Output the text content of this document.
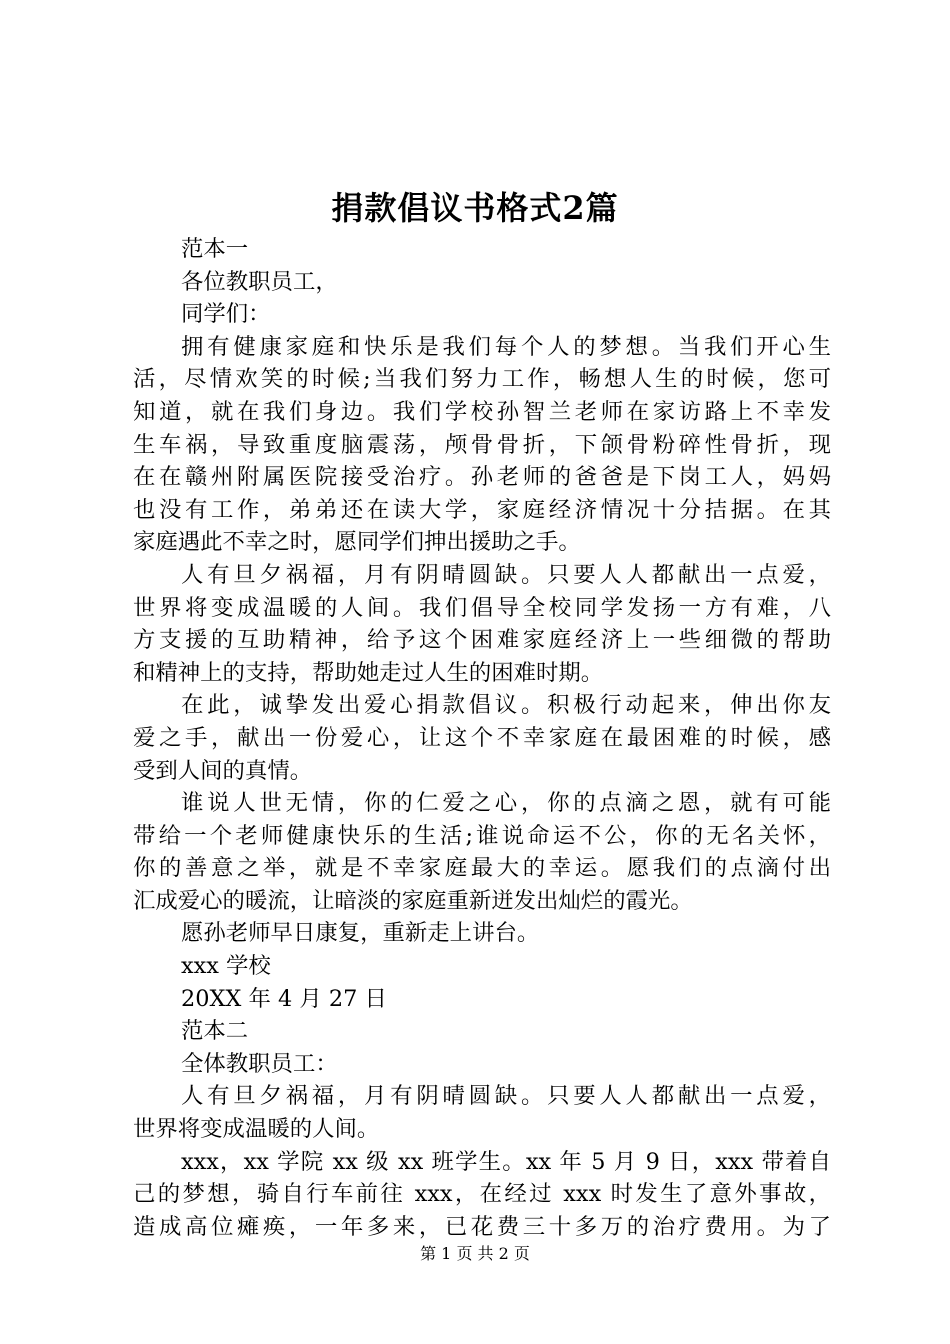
捐款倡议书格式2篇
范本一
各位教职员工，
同学们：
拥有健康家庭和快乐是我们每个人的梦想。当我们开心生
活，尽情欢笑的时候;当我们努力工作，畅想人生的时候，您可
知道，就在我们身边。我们学校孙智兰老师在家访路上不幸发
生车祸，导致重度脑震荡，颅骨骨折，下颌骨粉碎性骨折，现
在在赣州附属医院接受治疗。孙老师的爸爸是下岗工人，妈妈
也没有工作，弟弟还在读大学，家庭经济情况十分拮据。在其
家庭遇此不幸之时，愿同学们抻出援助之手。
人有旦夕祸福，月有阴晴圆缺。只要人人都献出一点爱，
世界将变成温暖的人间。我们倡导全校同学发扬一方有难，八
方支援的互助精神，给予这个困难家庭经济上一些细微的帮助
和精神上的支持，帮助她走过人生的困难时期。
在此，诚挚发出爱心捐款倡议。积极行动起来，伸出你友
爱之手，献出一份爱心，让这个不幸家庭在最困难的时候，感
受到人间的真情。
谁说人世无情，你的仁爱之心，你的点滴之恩，就有可能
带给一个老师健康快乐的生活;谁说命运不公，你的无名关怀，
你的善意之举，就是不幸家庭最大的幸运。愿我们的点滴付出
汇成爱心的暖流，让暗淡的家庭重新迸发出灿烂的霞光。
愿孙老师早日康复，重新走上讲台。
xxx 学校
20XX 年 4 月 27 日
范本二
全体教职员工：
人有旦夕祸福，月有阴晴圆缺。只要人人都献出一点爱，
世界将变成温暖的人间。
xxx，xx 学院 xx 级 xx 班学生。xx 年 5 月 9 日，xxx 带着自
己的梦想，骑自行车前往 xxx，在经过 xxx 时发生了意外事故，
造成高位瘫痪，一年多来，已花费三十多万的治疗费用。为了
第 1 页 共 2 页
